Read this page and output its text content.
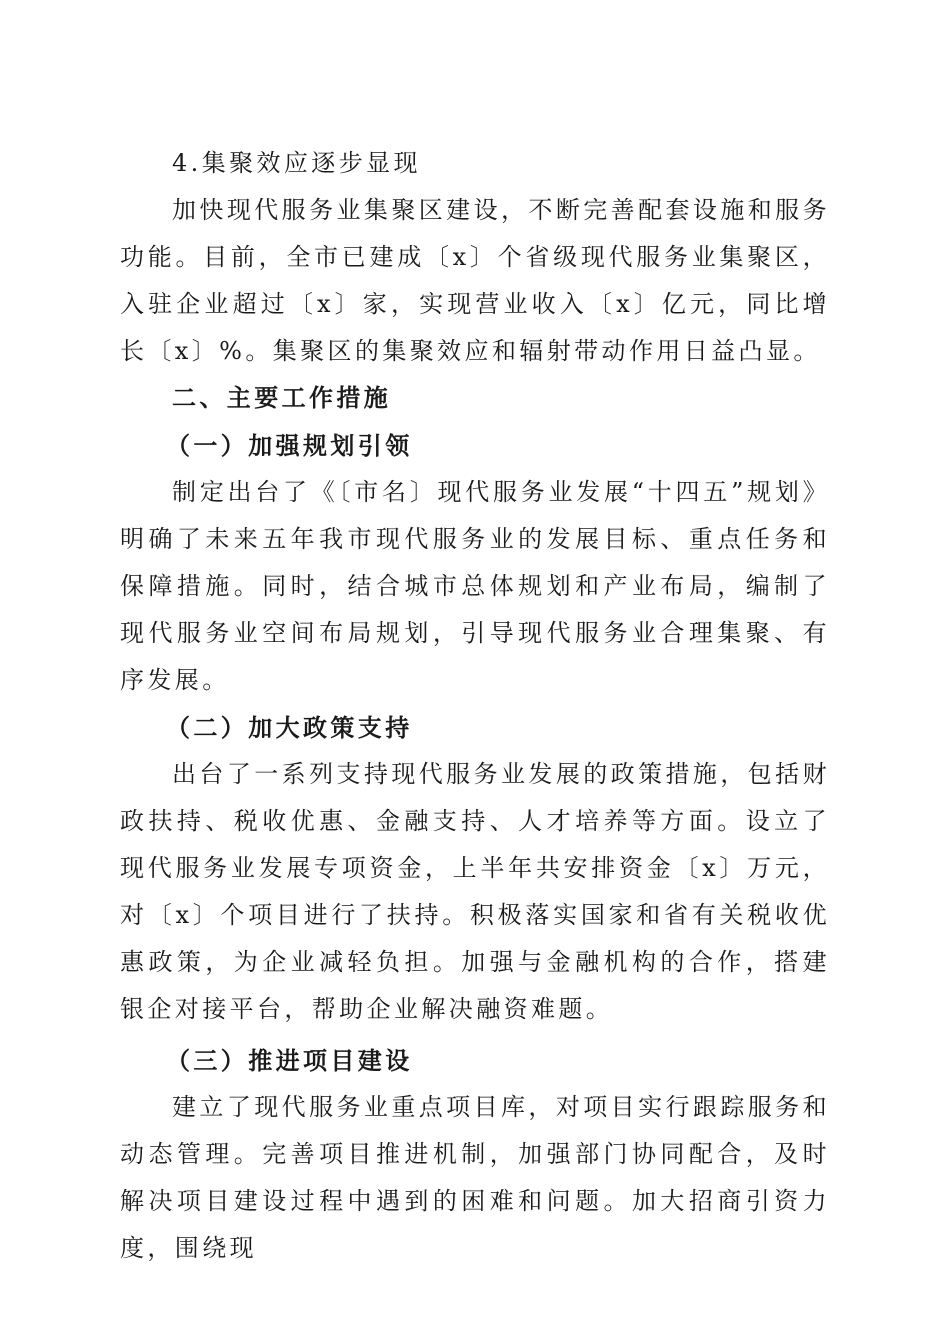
4.集聚效应逐步显现

加快现代服务业集聚区建设，不断完善配套设施和服务功能。目前，全市已建成〔x〕个省级现代服务业集聚区，入驻企业超过〔x〕家，实现营业收入〔x〕亿元，同比增长〔x〕%。集聚区的集聚效应和辐射带动作用日益凸显。

二、主要工作措施

（一）加强规划引领

制定出台了《〔市名〕现代服务业发展“十四五”规划》明确了未来五年我市现代服务业的发展目标、重点任务和保障措施。同时，结合城市总体规划和产业布局，编制了现代服务业空间布局规划，引导现代服务业合理集聚、有序发展。

（二）加大政策支持

出台了一系列支持现代服务业发展的政策措施，包括财政扶持、税收优惠、金融支持、人才培养等方面。设立了现代服务业发展专项资金，上半年共安排资金〔x〕万元，对〔x〕个项目进行了扶持。积极落实国家和省有关税收优惠政策，为企业减轻负担。加强与金融机构的合作，搭建银企对接平台，帮助企业解决融资难题。

（三）推进项目建设

建立了现代服务业重点项目库，对项目实行跟踪服务和动态管理。完善项目推进机制，加强部门协同配合，及时解决项目建设过程中遇到的困难和问题。加大招商引资力度，围绕现
